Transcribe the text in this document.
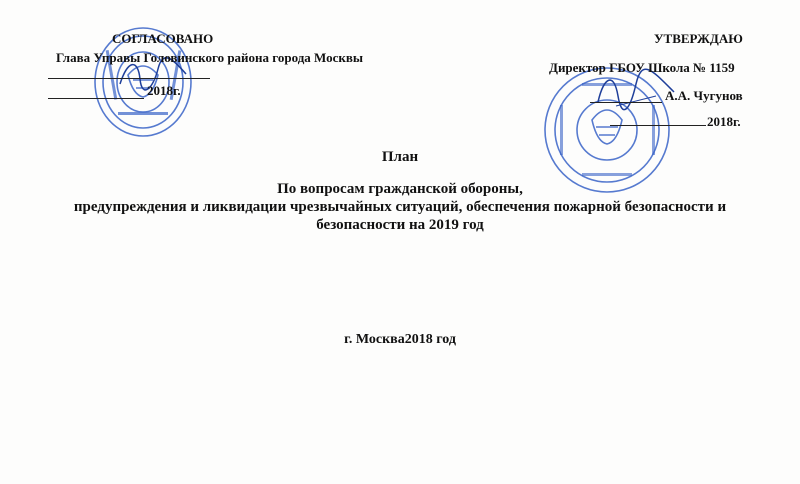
СОГЛАСОВАНО
Глава Управы Головинского района города Москвы
2018г.
УТВЕРЖДАЮ
Директор ГБОУ Школа № 1159
А.А. Чугунов
2018г.
План
По вопросам гражданской обороны,
предупреждения и ликвидации чрезвычайных ситуаций, обеспечения пожарной безопасности и
безопасности на 2019 год
г. Москва2018 год
